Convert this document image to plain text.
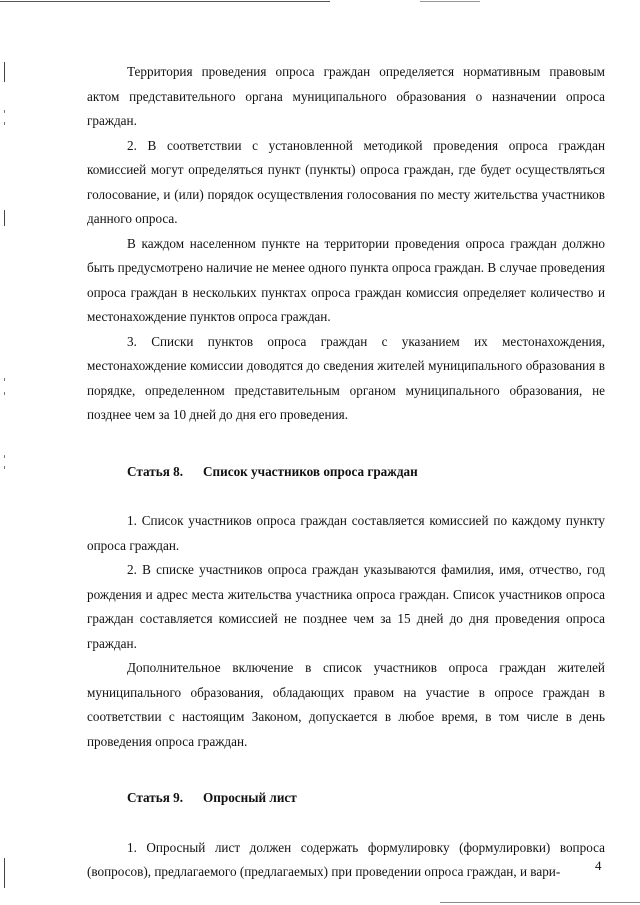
Территория проведения опроса граждан определяется нормативным правовым актом представительного органа муниципального образования о назначении опроса граждан.

2. В соответствии с установленной методикой проведения опроса граждан комиссией могут определяться пункт (пункты) опроса граждан, где будет осуществляться голосование, и (или) порядок осуществления голосования по месту жительства участников данного опроса.

В каждом населенном пункте на территории проведения опроса граждан должно быть предусмотрено наличие не менее одного пункта опроса граждан. В случае проведения опроса граждан в нескольких пунктах опроса граждан комиссия определяет количество и местонахождение пунктов опроса граждан.

3. Списки пунктов опроса граждан с указанием их местонахождения, местонахождение комиссии доводятся до сведения жителей муниципального образования в порядке, определенном представительным органом муниципального образования, не позднее чем за 10 дней до дня его проведения.

Статья 8. Список участников опроса граждан

1. Список участников опроса граждан составляется комиссией по каждому пункту опроса граждан.

2. В списке участников опроса граждан указываются фамилия, имя, отчество, год рождения и адрес места жительства участника опроса граждан. Список участников опроса граждан составляется комиссией не позднее чем за 15 дней до дня проведения опроса граждан.

Дополнительное включение в список участников опроса граждан жителей муниципального образования, обладающих правом на участие в опросе граждан в соответствии с настоящим Законом, допускается в любое время, в том числе в день проведения опроса граждан.

Статья 9. Опросный лист

1. Опросный лист должен содержать формулировку (формулировки) вопроса (вопросов), предлагаемого (предлагаемых) при проведении опроса граждан, и вари-	4
